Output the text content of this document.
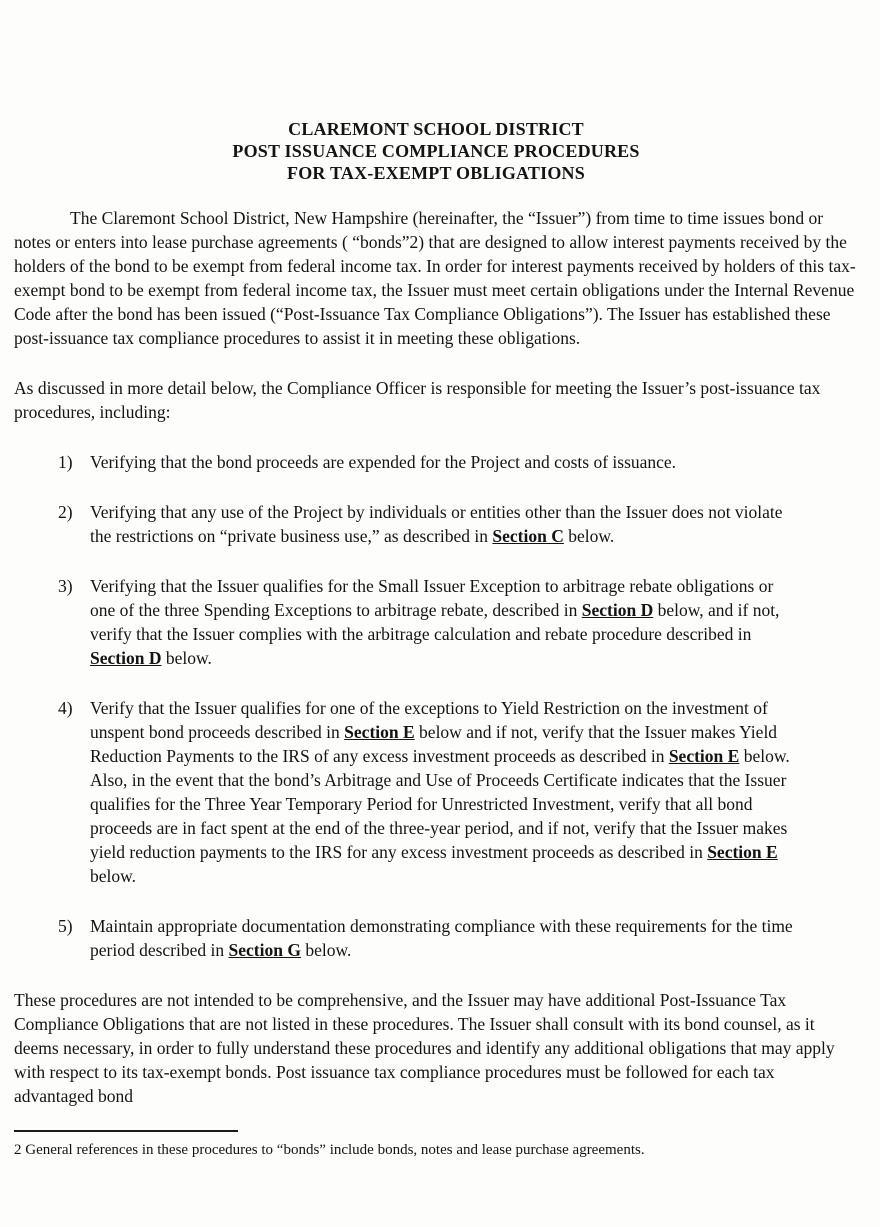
CLAREMONT SCHOOL DISTRICT
POST ISSUANCE COMPLIANCE PROCEDURES
FOR TAX-EXEMPT OBLIGATIONS

The Claremont School District, New Hampshire (hereinafter, the “Issuer”) from time to time issues bond or notes or enters into lease purchase agreements ( “bonds”2) that are designed to allow interest payments received by the holders of the bond to be exempt from federal income tax. In order for interest payments received by holders of this tax-exempt bond to be exempt from federal income tax, the Issuer must meet certain obligations under the Internal Revenue Code after the bond has been issued (“Post-Issuance Tax Compliance Obligations”). The Issuer has established these post-issuance tax compliance procedures to assist it in meeting these obligations.

As discussed in more detail below, the Compliance Officer is responsible for meeting the Issuer’s post-issuance tax procedures, including:

1) Verifying that the bond proceeds are expended for the Project and costs of issuance.
2) Verifying that any use of the Project by individuals or entities other than the Issuer does not violate the restrictions on “private business use,” as described in Section C below.
3) Verifying that the Issuer qualifies for the Small Issuer Exception to arbitrage rebate obligations or one of the three Spending Exceptions to arbitrage rebate, described in Section D below, and if not, verify that the Issuer complies with the arbitrage calculation and rebate procedure described in Section D below.
4) Verify that the Issuer qualifies for one of the exceptions to Yield Restriction on the investment of unspent bond proceeds described in Section E below and if not, verify that the Issuer makes Yield Reduction Payments to the IRS of any excess investment proceeds as described in Section E below. Also, in the event that the bond’s Arbitrage and Use of Proceeds Certificate indicates that the Issuer qualifies for the Three Year Temporary Period for Unrestricted Investment, verify that all bond proceeds are in fact spent at the end of the three-year period, and if not, verify that the Issuer makes yield reduction payments to the IRS for any excess investment proceeds as described in Section E below.
5) Maintain appropriate documentation demonstrating compliance with these requirements for the time period described in Section G below.

These procedures are not intended to be comprehensive, and the Issuer may have additional Post-Issuance Tax Compliance Obligations that are not listed in these procedures. The Issuer shall consult with its bond counsel, as it deems necessary, in order to fully understand these procedures and identify any additional obligations that may apply with respect to its tax-exempt bonds. Post issuance tax compliance procedures must be followed for each tax advantaged bond

2 General references in these procedures to “bonds” include bonds, notes and lease purchase agreements.
